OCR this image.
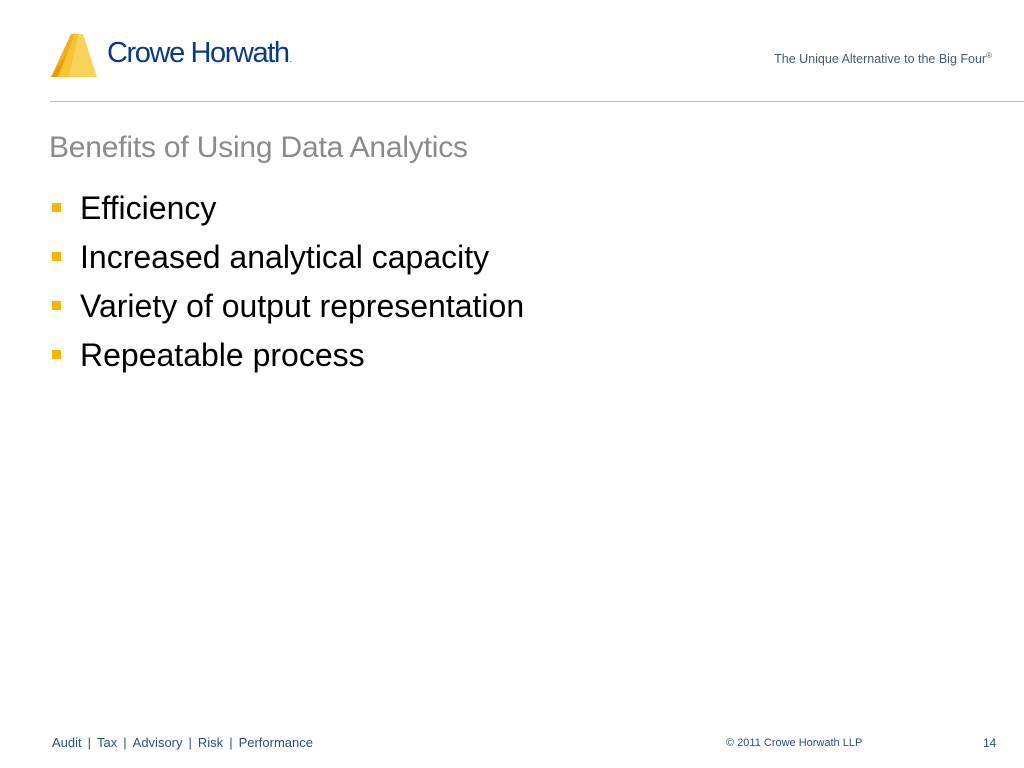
Crowe Horwath.	The Unique Alternative to the Big Four®
Benefits of Using Data Analytics
Efficiency
Increased analytical capacity
Variety of output representation
Repeatable process
Audit | Tax | Advisory | Risk | Performance	© 2011 Crowe Horwath LLP	14
